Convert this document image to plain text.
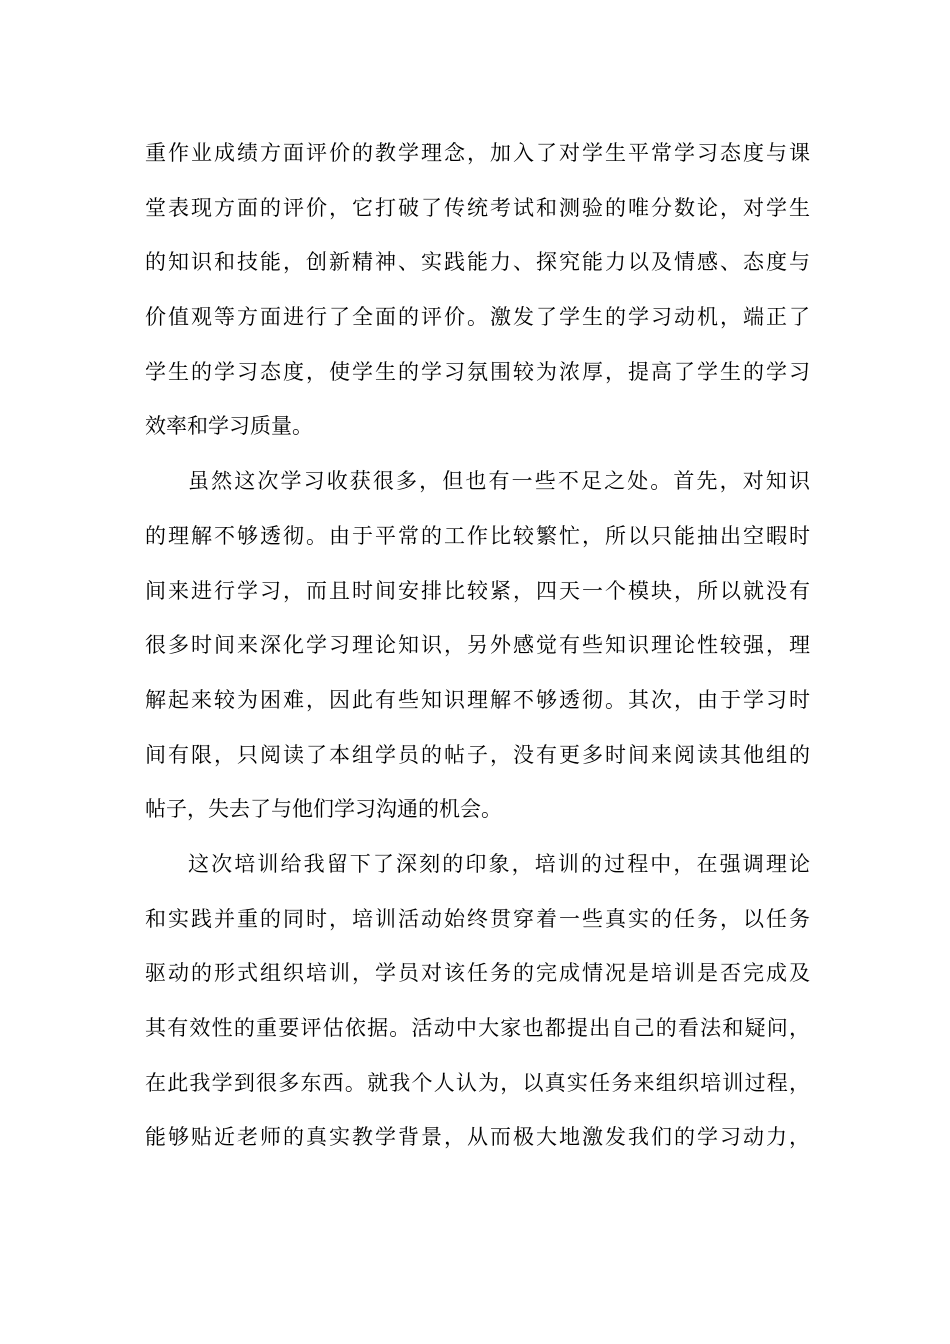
重作业成绩方面评价的教学理念，加入了对学生平常学习态度与课
堂表现方面的评价，它打破了传统考试和测验的唯分数论，对学生
的知识和技能，创新精神、实践能力、探究能力以及情感、态度与
价值观等方面进行了全面的评价。激发了学生的学习动机，端正了
学生的学习态度，使学生的学习氛围较为浓厚，提高了学生的学习
效率和学习质量。
虽然这次学习收获很多，但也有一些不足之处。首先，对知识
的理解不够透彻。由于平常的工作比较繁忙，所以只能抽出空暇时
间来进行学习，而且时间安排比较紧，四天一个模块，所以就没有
很多时间来深化学习理论知识，另外感觉有些知识理论性较强，理
解起来较为困难，因此有些知识理解不够透彻。其次，由于学习时
间有限，只阅读了本组学员的帖子，没有更多时间来阅读其他组的
帖子，失去了与他们学习沟通的机会。
这次培训给我留下了深刻的印象，培训的过程中，在强调理论
和实践并重的同时，培训活动始终贯穿着一些真实的任务，以任务
驱动的形式组织培训，学员对该任务的完成情况是培训是否完成及
其有效性的重要评估依据。活动中大家也都提出自己的看法和疑问，
在此我学到很多东西。就我个人认为，以真实任务来组织培训过程，
能够贴近老师的真实教学背景，从而极大地激发我们的学习动力，
